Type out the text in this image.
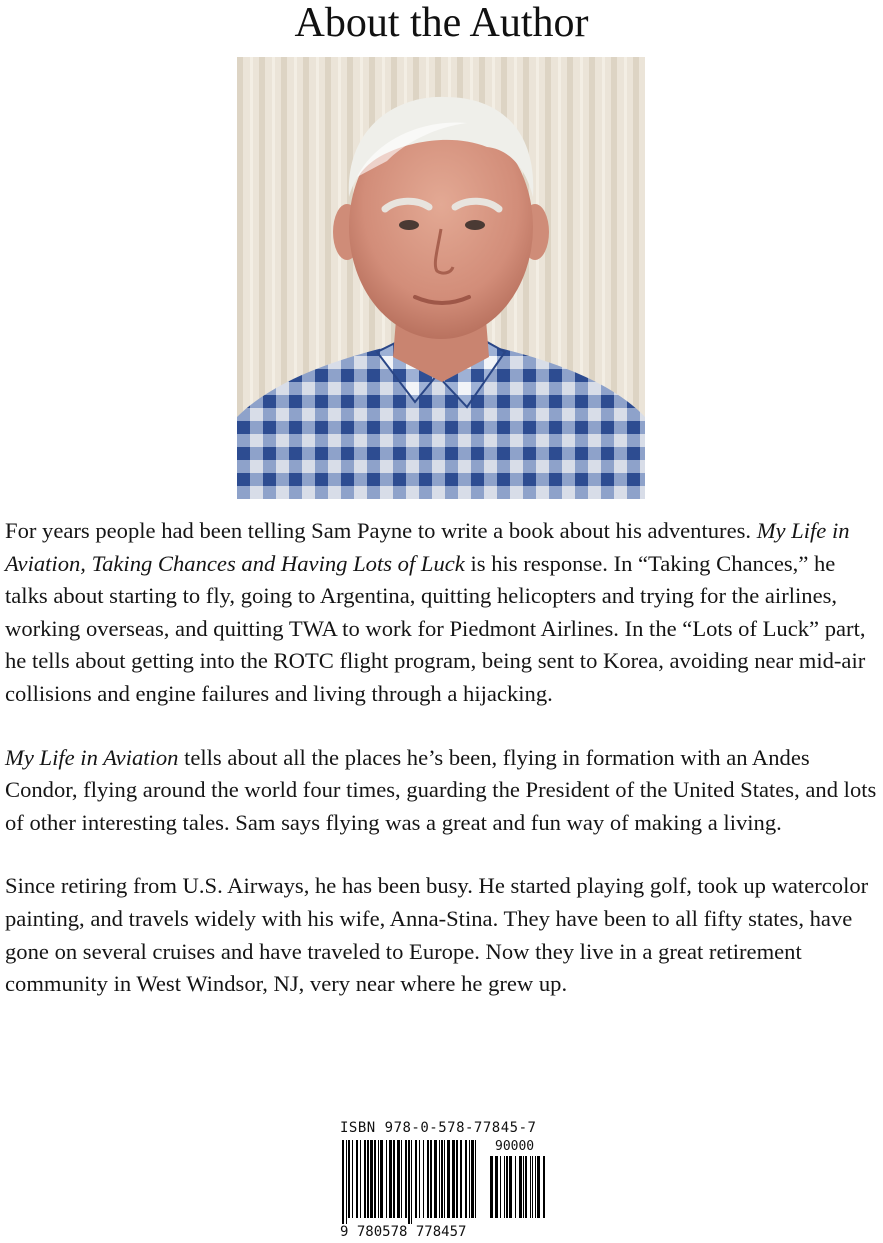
About the Author

For years people had been telling Sam Payne to write a book about his adventures. My Life in Aviation, Taking Chances and Having Lots of Luck is his response. In “Taking Chances,” he talks about starting to fly, going to Argentina, quitting helicopters and trying for the airlines, working overseas, and quitting TWA to work for Piedmont Airlines. In the “Lots of Luck” part, he tells about getting into the ROTC flight program, being sent to Korea, avoiding near mid-air collisions and engine failures and living through a hijacking.

My Life in Aviation tells about all the places he’s been, flying in formation with an Andes Condor, flying around the world four times, guarding the President of the United States, and lots of other interesting tales. Sam says flying was a great and fun way of making a living.

Since retiring from U.S. Airways, he has been busy. He started playing golf, took up watercolor painting, and travels widely with his wife, Anna-Stina. They have been to all fifty states, have gone on several cruises and have traveled to Europe. Now they live in a great retirement community in West Windsor, NJ, very near where he grew up.

ISBN 978-0-578-77845-7
90000
9 780578 778457
